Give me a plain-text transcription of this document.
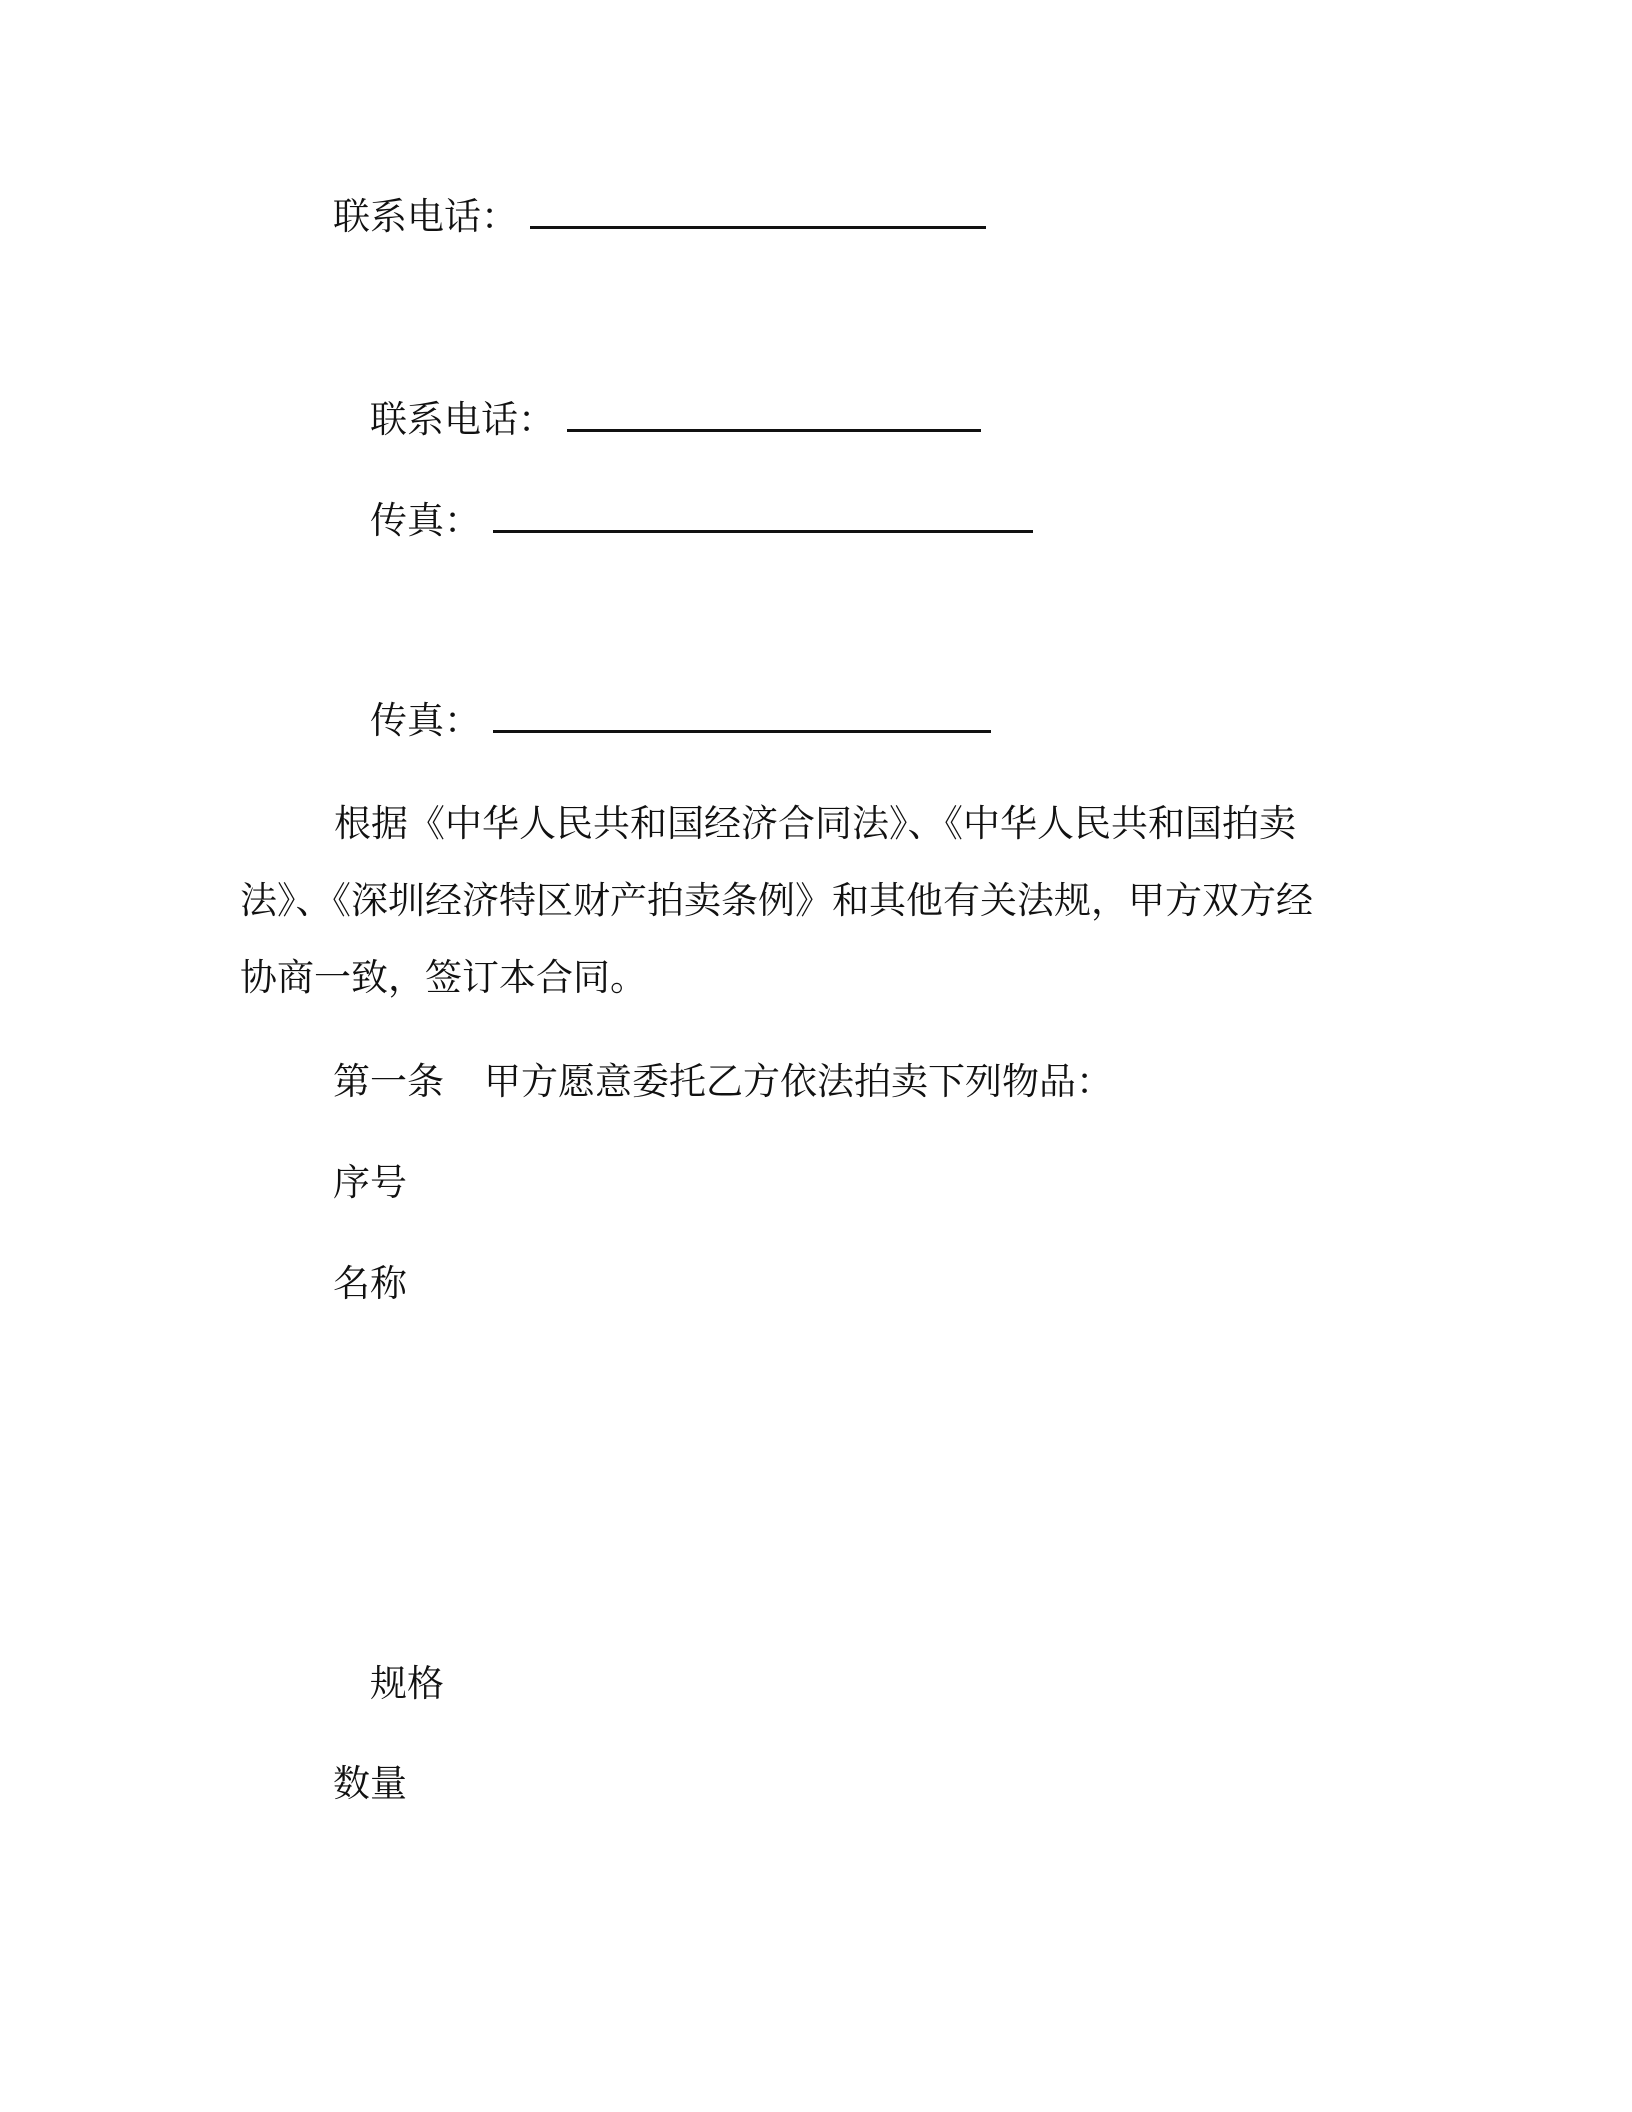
联系电话：
联系电话：
传真：
传真：
根据《中华人民共和国经济合同法》、《中华人民共和国拍卖
法》、《深圳经济特区财产拍卖条例》和其他有关法规，甲方双方经
协商一致，签订本合同。
第一条 甲方愿意委托乙方依法拍卖下列物品：
序号
名称
规格
数量
